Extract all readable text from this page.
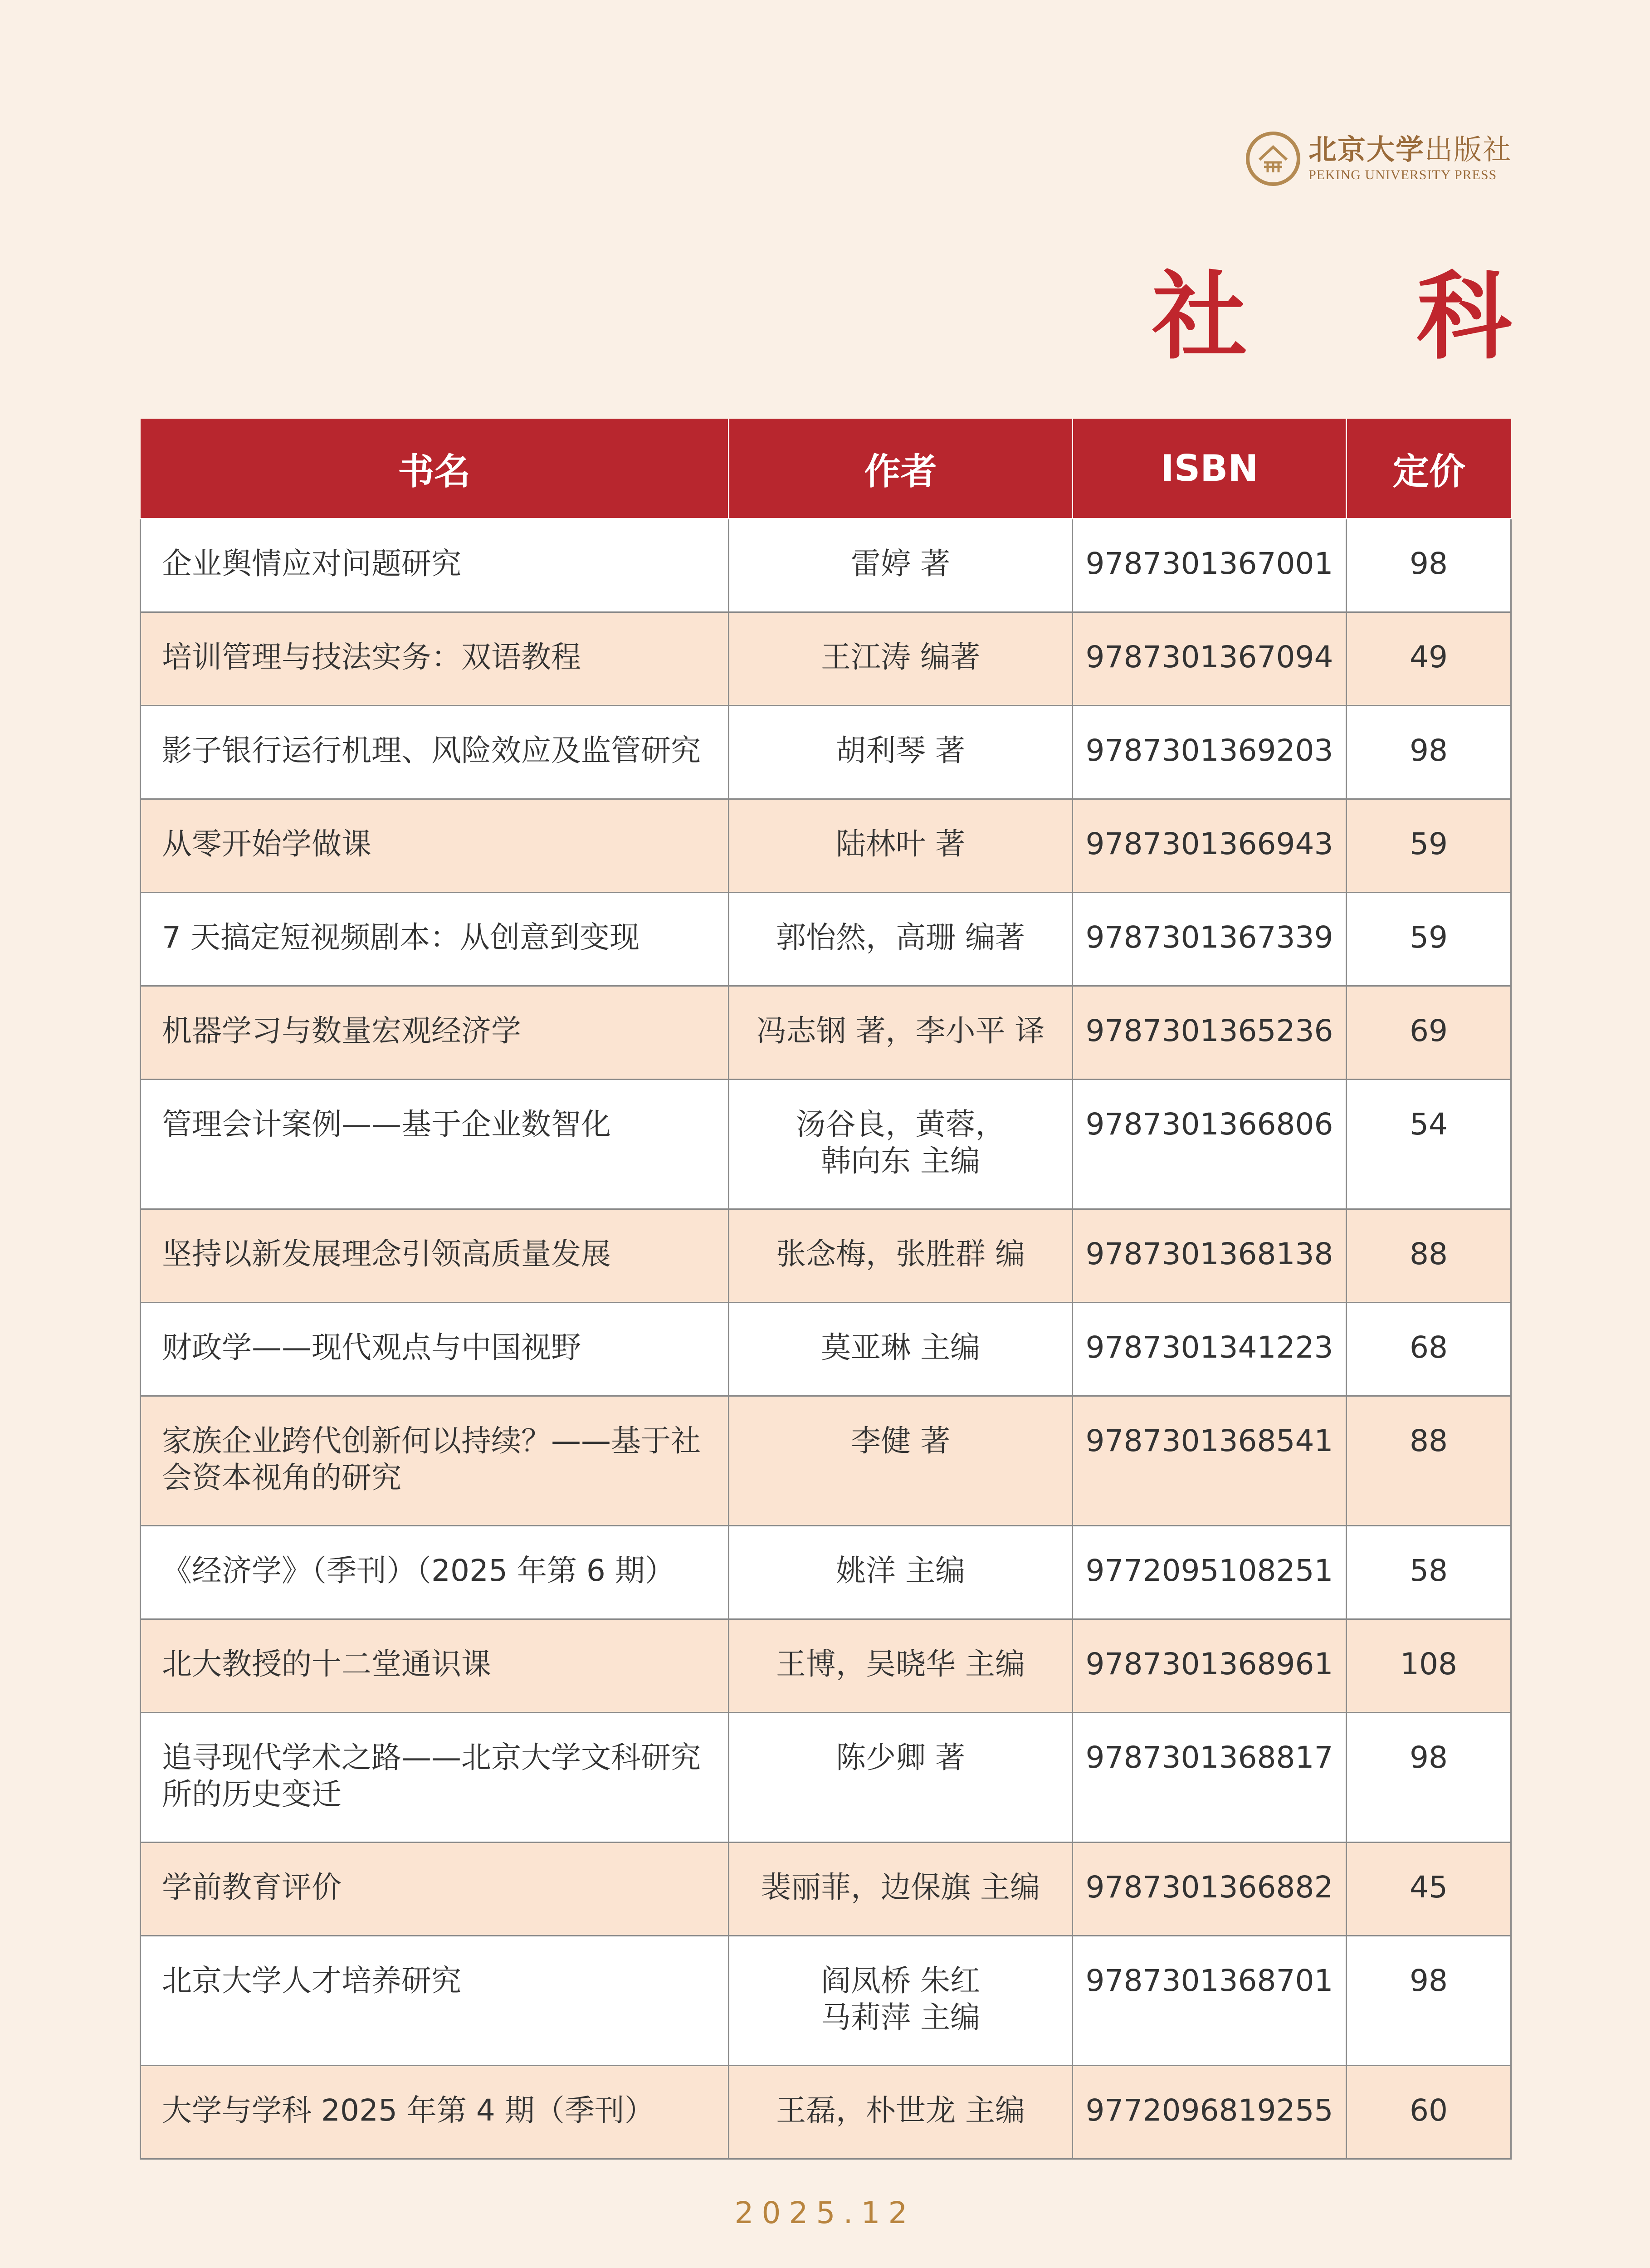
北京大学出版社
PEKING UNIVERSITY PRESS
社 科
书名	作者	ISBN	定价
企业舆情应对问题研究	雷婷 著	9787301367001	98
培训管理与技法实务：双语教程	王江涛 编著	9787301367094	49
影子银行运行机理、风险效应及监管研究	胡利琴 著	9787301369203	98
从零开始学做课	陆林叶 著	9787301366943	59
7 天搞定短视频剧本：从创意到变现	郭怡然，高珊 编著	9787301367339	59
机器学习与数量宏观经济学	冯志钢 著，李小平 译	9787301365236	69
管理会计案例——基于企业数智化	汤谷良，黄蓉，
韩向东 主编	9787301366806	54
坚持以新发展理念引领高质量发展	张念梅，张胜群 编	9787301368138	88
财政学——现代观点与中国视野	莫亚琳 主编	9787301341223	68
家族企业跨代创新何以持续？——基于社
会资本视角的研究	李健 著	9787301368541	88
《经济学》（季刊）（2025 年第 6 期）	姚洋 主编	9772095108251	58
北大教授的十二堂通识课	王博，吴晓华 主编	9787301368961	108
追寻现代学术之路——北京大学文科研究
所的历史变迁	陈少卿 著	9787301368817	98
学前教育评价	裴丽菲，边保旗 主编	9787301366882	45
北京大学人才培养研究	阎凤桥 朱红
马莉萍 主编	9787301368701	98
大学与学科 2025 年第 4 期（季刊）	王磊，朴世龙 主编	9772096819255	60
2025.12
